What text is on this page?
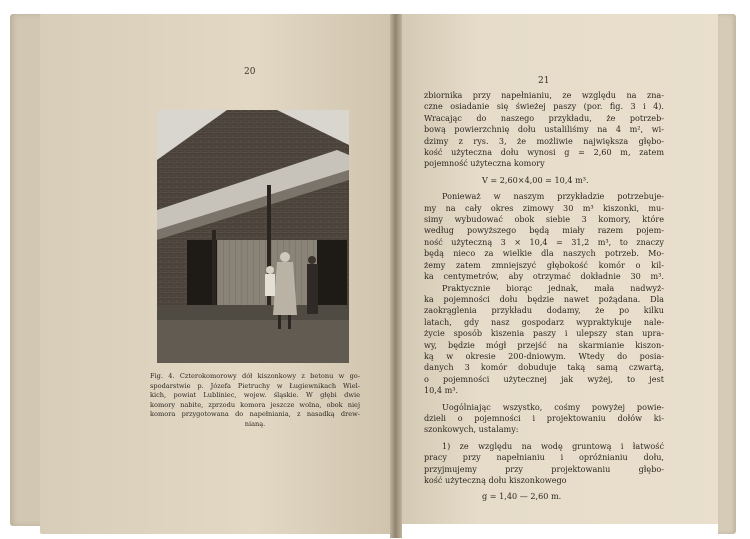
20

Fig. 4. Czterokomorowy dół kiszonkowy z betonu w go-

spodarstwie p. Józefa Pietruchy w Ługiewnikach Wiel-

kich, powiat Lubliniec, wojew. śląskie. W głębi dwie

komory nabite, zprzodu komora jeszcze wolna, obok niej

komora przygotowana do napełniania, z nasadką drew-

nianą.

21
zbiornika przy napełnianiu, ze względu na zna-
czne osiadanie się świeżej paszy (por. fig. 3 i 4).
Wracając do naszego przykładu, że potrzeb-
bową powierzchnię dołu ustaliliśmy na 4 m², wi-
dzimy z rys. 3, że możliwie największa głębo-
kość użyteczna dołu wynosi g = 2,60 m, zatem
pojemność użyteczna komory
V = 2,60×4,00 = 10,4 m³.
Ponieważ w naszym przykładzie potrzebuje-
my na cały okres zimowy 30 m³ kiszonki, mu-
simy wybudować obok siebie 3 komory, które
według powyższego będą miały razem pojem-
ność użyteczną 3 × 10,4 = 31,2 m³, to znaczy
będą nieco za wielkie dla naszych potrzeb. Mo-
żemy zatem zmniejszyć głębokość komór o kil-
ka centymetrów, aby otrzymać dokładnie 30 m³.
Praktycznie biorąc jednak, mała nadwyż-
ka pojemności dołu będzie nawet pożądana. Dla
zaokrąglenia przykładu dodamy, że po kilku
latach, gdy nasz gospodarz wypraktykuje nale-
życie sposób kiszenia paszy i ulepszy stan upra-
wy, będzie mógł przejść na skarmianie kiszon-
ką w okresie 200-dniowym. Wtedy do posia-
danych 3 komór dobuduje taką samą czwartą,
o pojemności użytecznej jak wyżej, to jest
10,4 m³.
Uogólniając wszystko, cośmy powyżej powie-
dzieli o pojemności i projektowaniu dołów ki-
szonkowych, ustalamy:
1) ze względu na wodę gruntową i łatwość
pracy przy napełnianiu i opróżnianiu dołu,
przyjmujemy przy projektowaniu głębo-
kość użyteczną dołu kiszonkowego
g = 1,40 — 2,60 m.
